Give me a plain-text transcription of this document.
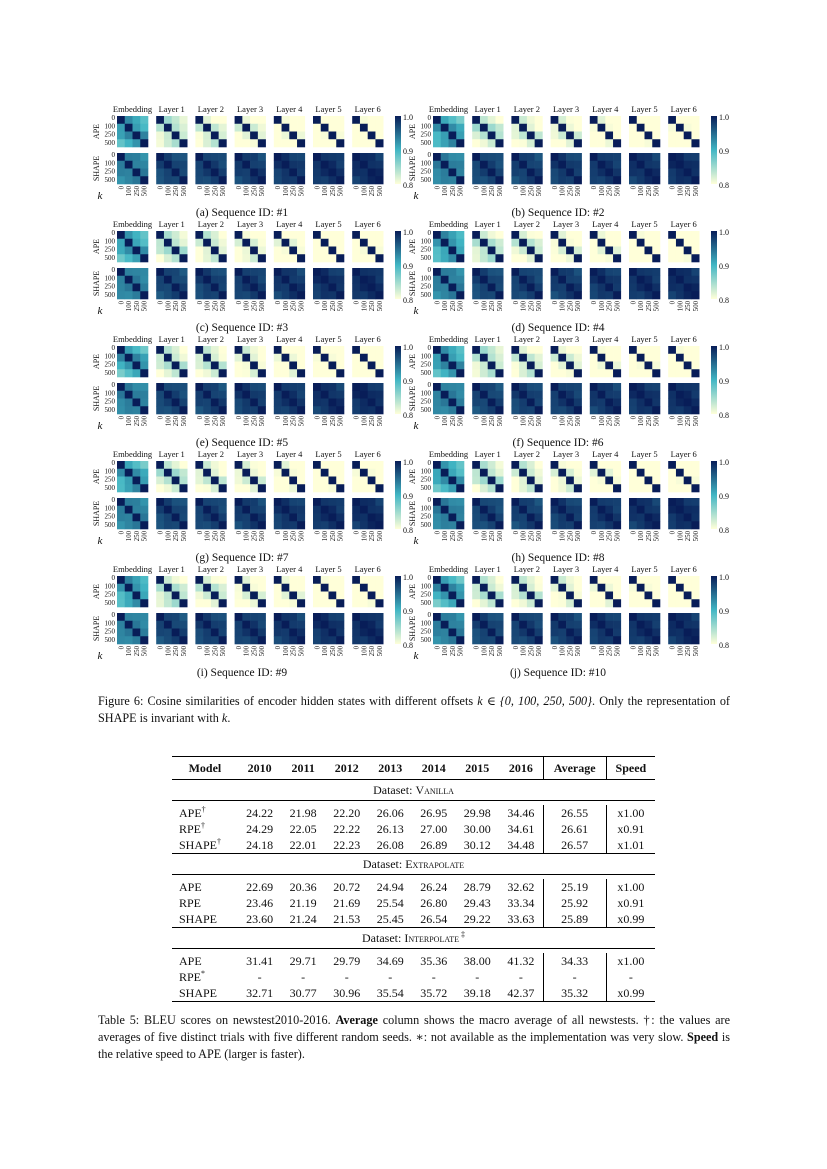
Embedding Layer 1 Layer 2 Layer 3 Layer 4 Layer 5 Layer 6
APE
0
100
250
500
SHAPE
0
100
250
500
0 100 250 500 0 100 250 500 0 100 250 500 0 100 250 500 0 100 250 500 0 100 250 500 0 100 250 500
k
1.0
0.9
0.8
(a) Sequence ID: #1
Embedding Layer 1 Layer 2 Layer 3 Layer 4 Layer 5 Layer 6
APE
0
100
250
500
SHAPE
0
100
250
500
0 100 250 500 0 100 250 500 0 100 250 500 0 100 250 500 0 100 250 500 0 100 250 500 0 100 250 500
k
1.0
0.9
0.8
(b) Sequence ID: #2
Embedding Layer 1 Layer 2 Layer 3 Layer 4 Layer 5 Layer 6
APE
0
100
250
500
SHAPE
0
100
250
500
0 100 250 500 0 100 250 500 0 100 250 500 0 100 250 500 0 100 250 500 0 100 250 500 0 100 250 500
k
1.0
0.9
0.8
(c) Sequence ID: #3
Embedding Layer 1 Layer 2 Layer 3 Layer 4 Layer 5 Layer 6
APE
0
100
250
500
SHAPE
0
100
250
500
0 100 250 500 0 100 250 500 0 100 250 500 0 100 250 500 0 100 250 500 0 100 250 500 0 100 250 500
k
1.0
0.9
0.8
(d) Sequence ID: #4
Embedding Layer 1 Layer 2 Layer 3 Layer 4 Layer 5 Layer 6
APE
0
100
250
500
SHAPE
0
100
250
500
0 100 250 500 0 100 250 500 0 100 250 500 0 100 250 500 0 100 250 500 0 100 250 500 0 100 250 500
k
1.0
0.9
0.8
(e) Sequence ID: #5
Embedding Layer 1 Layer 2 Layer 3 Layer 4 Layer 5 Layer 6
APE
0
100
250
500
SHAPE
0
100
250
500
0 100 250 500 0 100 250 500 0 100 250 500 0 100 250 500 0 100 250 500 0 100 250 500 0 100 250 500
k
1.0
0.9
0.8
(f) Sequence ID: #6
Embedding Layer 1 Layer 2 Layer 3 Layer 4 Layer 5 Layer 6
APE
0
100
250
500
SHAPE
0
100
250
500
0 100 250 500 0 100 250 500 0 100 250 500 0 100 250 500 0 100 250 500 0 100 250 500 0 100 250 500
k
1.0
0.9
0.8
(g) Sequence ID: #7
Embedding Layer 1 Layer 2 Layer 3 Layer 4 Layer 5 Layer 6
APE
0
100
250
500
SHAPE
0
100
250
500
0 100 250 500 0 100 250 500 0 100 250 500 0 100 250 500 0 100 250 500 0 100 250 500 0 100 250 500
k
1.0
0.9
0.8
(h) Sequence ID: #8
Embedding Layer 1 Layer 2 Layer 3 Layer 4 Layer 5 Layer 6
APE
0
100
250
500
SHAPE
0
100
250
500
0 100 250 500 0 100 250 500 0 100 250 500 0 100 250 500 0 100 250 500 0 100 250 500 0 100 250 500
k
1.0
0.9
0.8
(i) Sequence ID: #9
Embedding Layer 1 Layer 2 Layer 3 Layer 4 Layer 5 Layer 6
APE
0
100
250
500
SHAPE
0
100
250
500
0 100 250 500 0 100 250 500 0 100 250 500 0 100 250 500 0 100 250 500 0 100 250 500 0 100 250 500
k
1.0
0.9
0.8
(j) Sequence ID: #10
Figure 6: Cosine similarities of encoder hidden states with different offsets k ∈ {0, 100, 250, 500}. Only the representation of SHAPE is invariant with k.
Model	2010	2011	2012	2013	2014	2015	2016	Average	Speed
Dataset: Vanilla									

APE†	24.22	21.98	22.20	26.06	26.95	29.98	34.46	26.55	x1.00
RPE†	24.29	22.05	22.22	26.13	27.00	30.00	34.61	26.61	x0.91
SHAPE†	24.18	22.01	22.23	26.08	26.89	30.12	34.48	26.57	x1.01
Dataset: Extrapolate									

APE	22.69	20.36	20.72	24.94	26.24	28.79	32.62	25.19	x1.00
RPE	23.46	21.19	21.69	25.54	26.80	29.43	33.34	25.92	x0.91
SHAPE	23.60	21.24	21.53	25.45	26.54	29.22	33.63	25.89	x0.99
Dataset: Interpolate ‡

APE	31.41	29.71	29.79	34.69	35.36	38.00	41.32	34.33	x1.00
RPE*	-	-	-	-	-	-	-	-	-
SHAPE	32.71	30.77	30.96	35.54	35.72	39.18	42.37	35.32	x0.99
Table 5: BLEU scores on newstest2010-2016. Average column shows the macro average of all newstests. †: the values are averages of five distinct trials with five different random seeds. ∗: not available as the implementation was very slow. Speed is the relative speed to APE (larger is faster).
